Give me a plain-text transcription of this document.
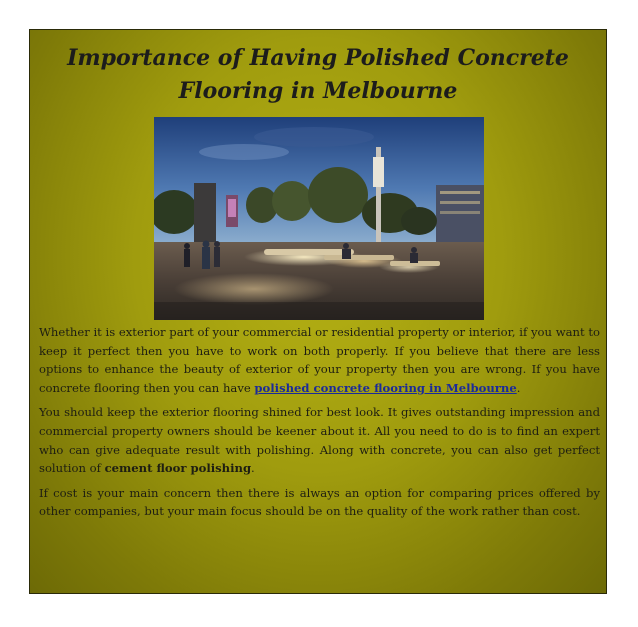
Importance of Having Polished Concrete Flooring in Melbourne

Whether it is exterior part of your commercial or residential property or interior, if you want to keep it perfect then you have to work on both properly. If you believe that there are less options to enhance the beauty of exterior of your property then you are wrong. If you have concrete flooring then you can have polished concrete flooring in Melbourne.

You should keep the exterior flooring shined for best look. It gives outstanding impression and commercial property owners should be keener about it. All you need to do is to find an expert who can give adequate result with polishing. Along with concrete, you can also get perfect solution of cement floor polishing.

If cost is your main concern then there is always an option for comparing prices offered by other companies, but your main focus should be on the quality of the work rather than cost.
